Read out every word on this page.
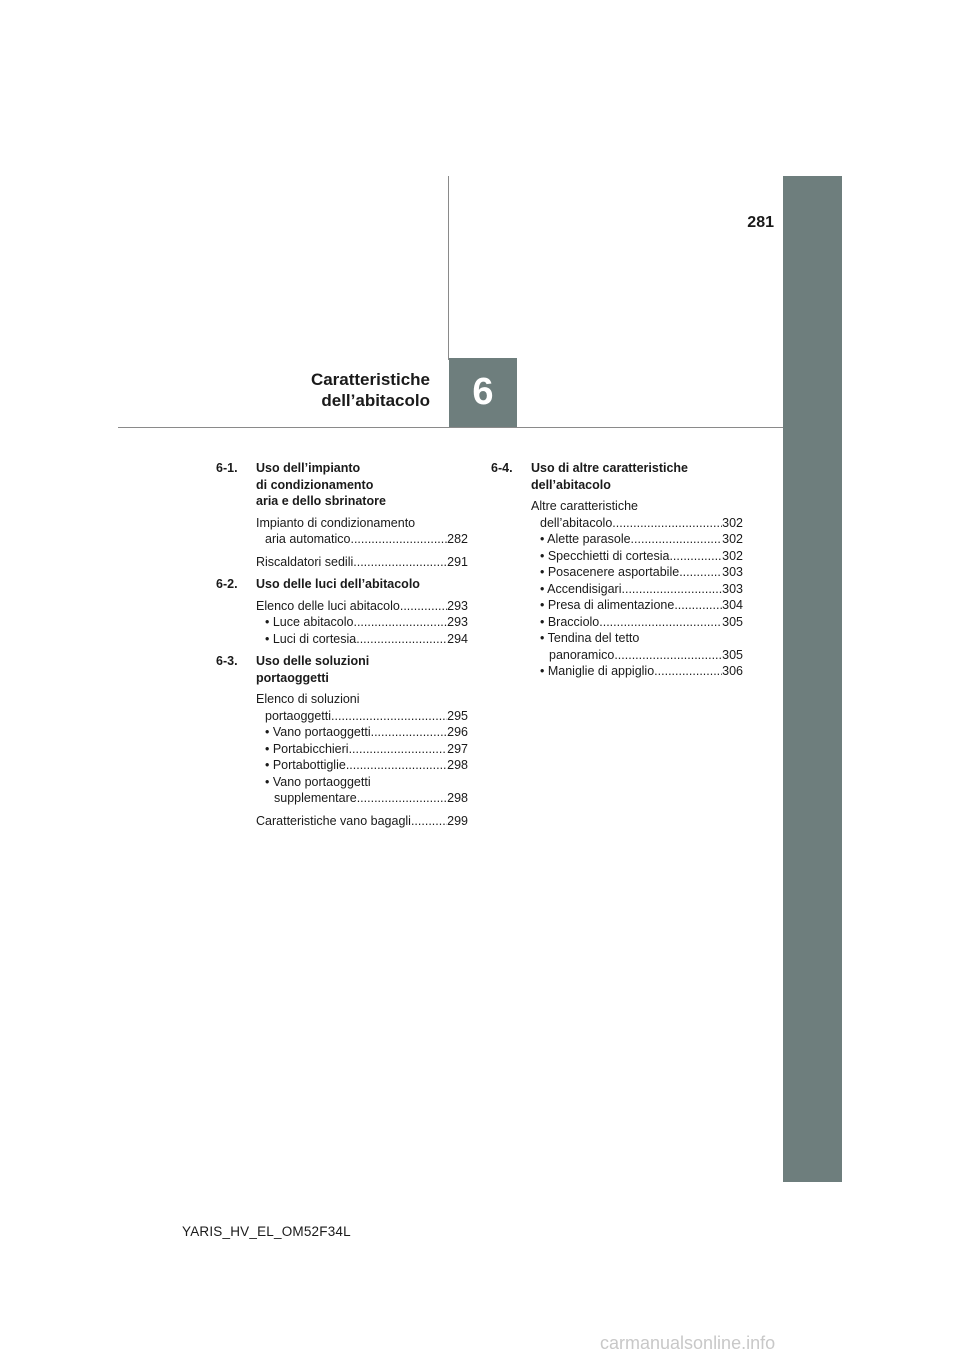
281
Caratteristiche
dell’abitacolo 6
6-1.	Uso dell’impianto
di condizionamento
aria e dello sbrinatore
Impianto di condizionamento
aria automatico .....	282
Riscaldatori sedili .....	291
6-2.	Uso delle luci dell’abitacolo
Elenco delle luci abitacolo .....	293
• Luce abitacolo .....	293
• Luci di cortesia .....	294
6-3.	Uso delle soluzioni
portaoggetti
Elenco di soluzioni
portaoggetti .....	295
• Vano portaoggetti .....	296
• Portabicchieri .....	297
• Portabottiglie .....	298
• Vano portaoggetti
supplementare .....	298
Caratteristiche vano bagagli .....	299
6-4.	Uso di altre caratteristiche
dell’abitacolo
Altre caratteristiche
dell’abitacolo .....	302
• Alette parasole .....	302
• Specchietti di cortesia .....	302
• Posacenere asportabile .....	303
• Accendisigari .....	303
• Presa di alimentazione .....	304
• Bracciolo .....	305
• Tendina del tetto
panoramico .....	305
• Maniglie di appiglio .....	306
YARIS_HV_EL_OM52F34L
carmanualsonline.info
